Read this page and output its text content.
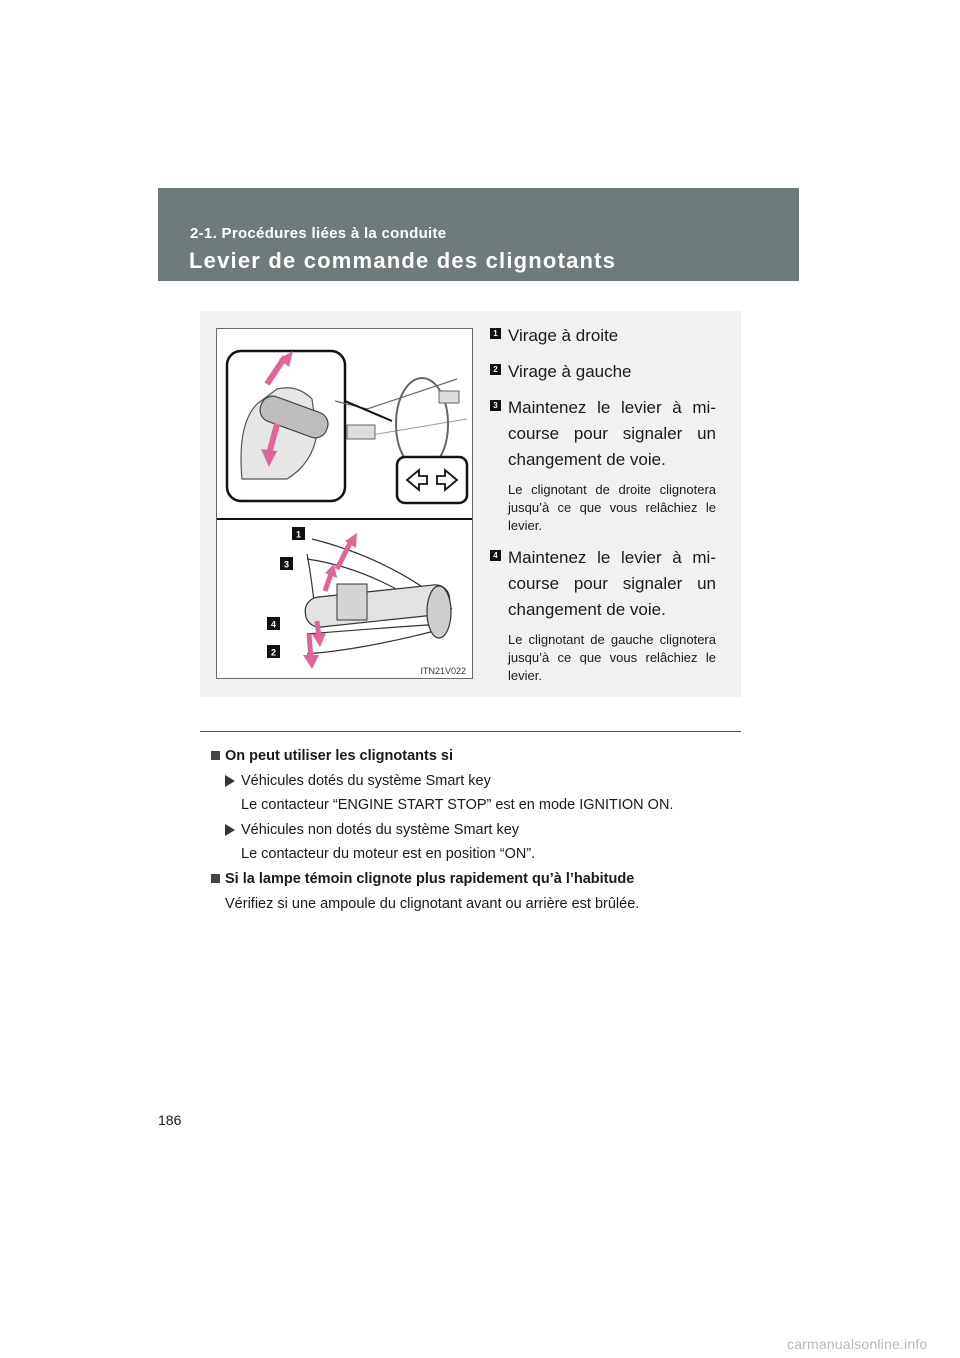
2-1. Procédures liées à la conduite
Levier de commande des clignotants
1
3
4
2
ITN21V022
1 Virage à droite
2 Virage à gauche
3 Maintenez le levier à mi-course pour signaler un changement de voie.
Le clignotant de droite clignotera jusqu’à ce que vous relâchiez le levier.
4 Maintenez le levier à mi-course pour signaler un changement de voie.
Le clignotant de gauche clignotera jusqu’à ce que vous relâchiez le levier.
On peut utiliser les clignotants si
Véhicules dotés du système Smart key
Le contacteur “ENGINE START STOP” est en mode IGNITION ON.
Véhicules non dotés du système Smart key
Le contacteur du moteur est en position “ON”.
Si la lampe témoin clignote plus rapidement qu’à l’habitude
Vérifiez si une ampoule du clignotant avant ou arrière est brûlée.
186
carmanualsonline.info
